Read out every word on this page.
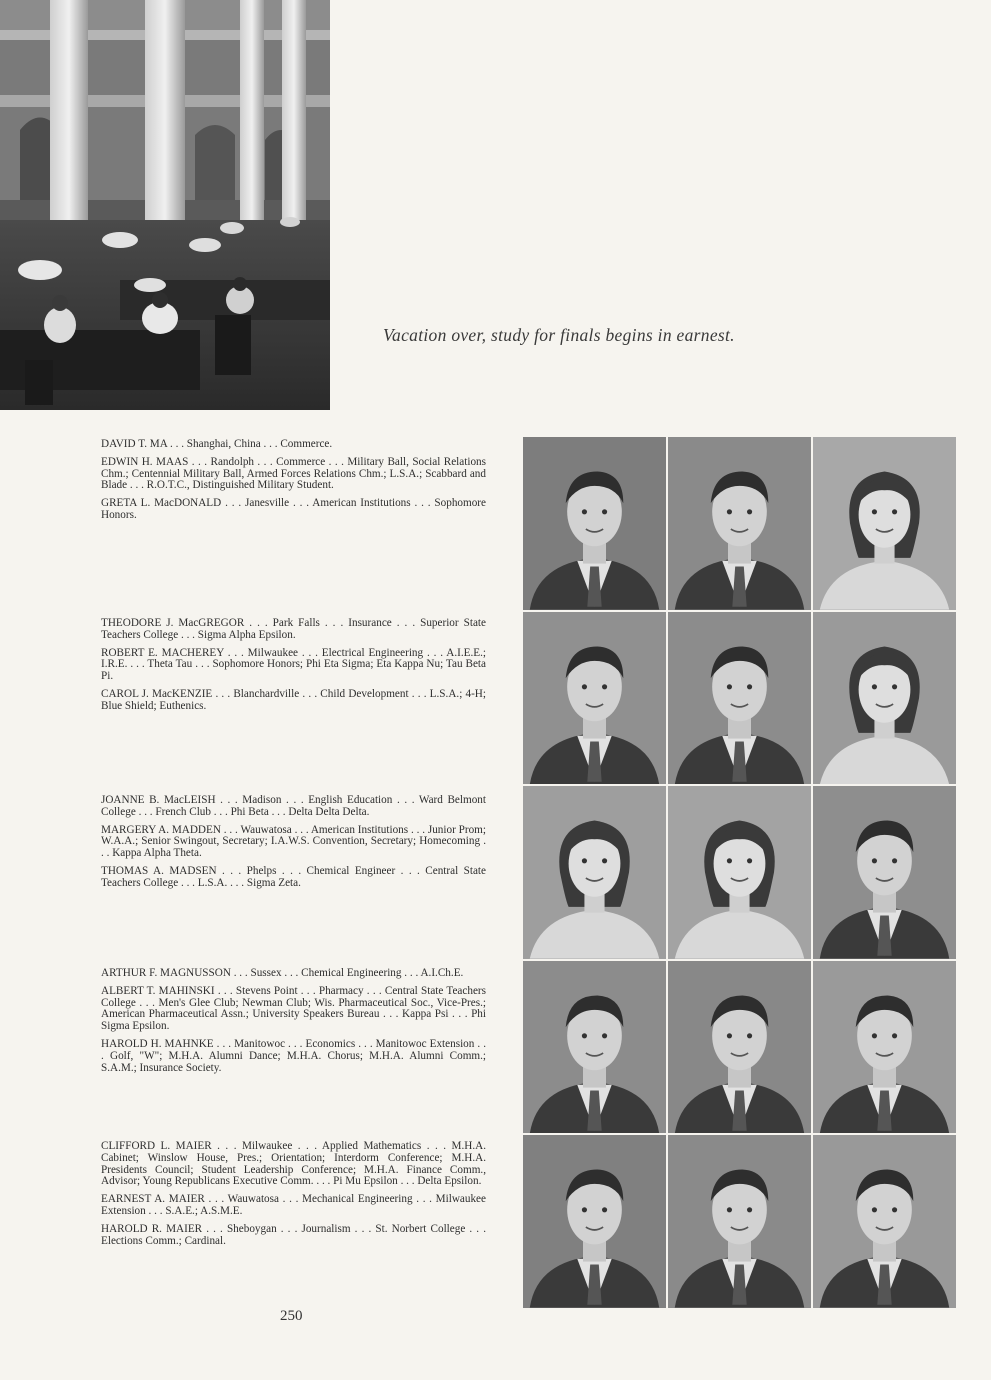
Vacation over, study for finals begins in earnest.

DAVID T. MA . . . Shanghai, China . . . Commerce.

EDWIN H. MAAS . . . Randolph . . . Commerce . . . Military Ball, Social Relations Chm.; Centennial Military Ball, Armed Forces Relations Chm.; L.S.A.; Scabbard and Blade . . . R.O.T.C., Distinguished Military Student.

GRETA L. MacDONALD . . . Janesville . . . American Institutions . . . Sophomore Honors.

THEODORE J. MacGREGOR . . . Park Falls . . . Insurance . . . Superior State Teachers College . . . Sigma Alpha Epsilon.

ROBERT E. MACHEREY . . . Milwaukee . . . Electrical Engineering . . . A.I.E.E.; I.R.E. . . . Theta Tau . . . Sophomore Honors; Phi Eta Sigma; Eta Kappa Nu; Tau Beta Pi.

CAROL J. MacKENZIE . . . Blanchardville . . . Child Development . . . L.S.A.; 4-H; Blue Shield; Euthenics.

JOANNE B. MacLEISH . . . Madison . . . English Education . . . Ward Belmont College . . . French Club . . . Phi Beta . . . Delta Delta Delta.

MARGERY A. MADDEN . . . Wauwatosa . . . American Institutions . . . Junior Prom; W.A.A.; Senior Swingout, Secretary; I.A.W.S. Convention, Secretary; Homecoming . . . Kappa Alpha Theta.

THOMAS A. MADSEN . . . Phelps . . . Chemical Engineer . . . Central State Teachers College . . . L.S.A. . . . Sigma Zeta.

ARTHUR F. MAGNUSSON . . . Sussex . . . Chemical Engineering . . . A.I.Ch.E.

ALBERT T. MAHINSKI . . . Stevens Point . . . Pharmacy . . . Central State Teachers College . . . Men's Glee Club; Newman Club; Wis. Pharmaceutical Soc., Vice-Pres.; American Pharmaceutical Assn.; University Speakers Bureau . . . Kappa Psi . . . Phi Sigma Epsilon.

HAROLD H. MAHNKE . . . Manitowoc . . . Economics . . . Manitowoc Extension . . . Golf, "W"; M.H.A. Alumni Dance; M.H.A. Chorus; M.H.A. Alumni Comm.; S.A.M.; Insurance Society.

CLIFFORD L. MAIER . . . Milwaukee . . . Applied Mathematics . . . M.H.A. Cabinet; Winslow House, Pres.; Orientation; Interdorm Conference; M.H.A. Presidents Council; Student Leadership Conference; M.H.A. Finance Comm., Advisor; Young Republicans Executive Comm. . . . Pi Mu Epsilon . . . Delta Epsilon.

EARNEST A. MAIER . . . Wauwatosa . . . Mechanical Engineering . . . Milwaukee Extension . . . S.A.E.; A.S.M.E.

HAROLD R. MAIER . . . Sheboygan . . . Journalism . . . St. Norbert College . . . Elections Comm.; Cardinal.

250
